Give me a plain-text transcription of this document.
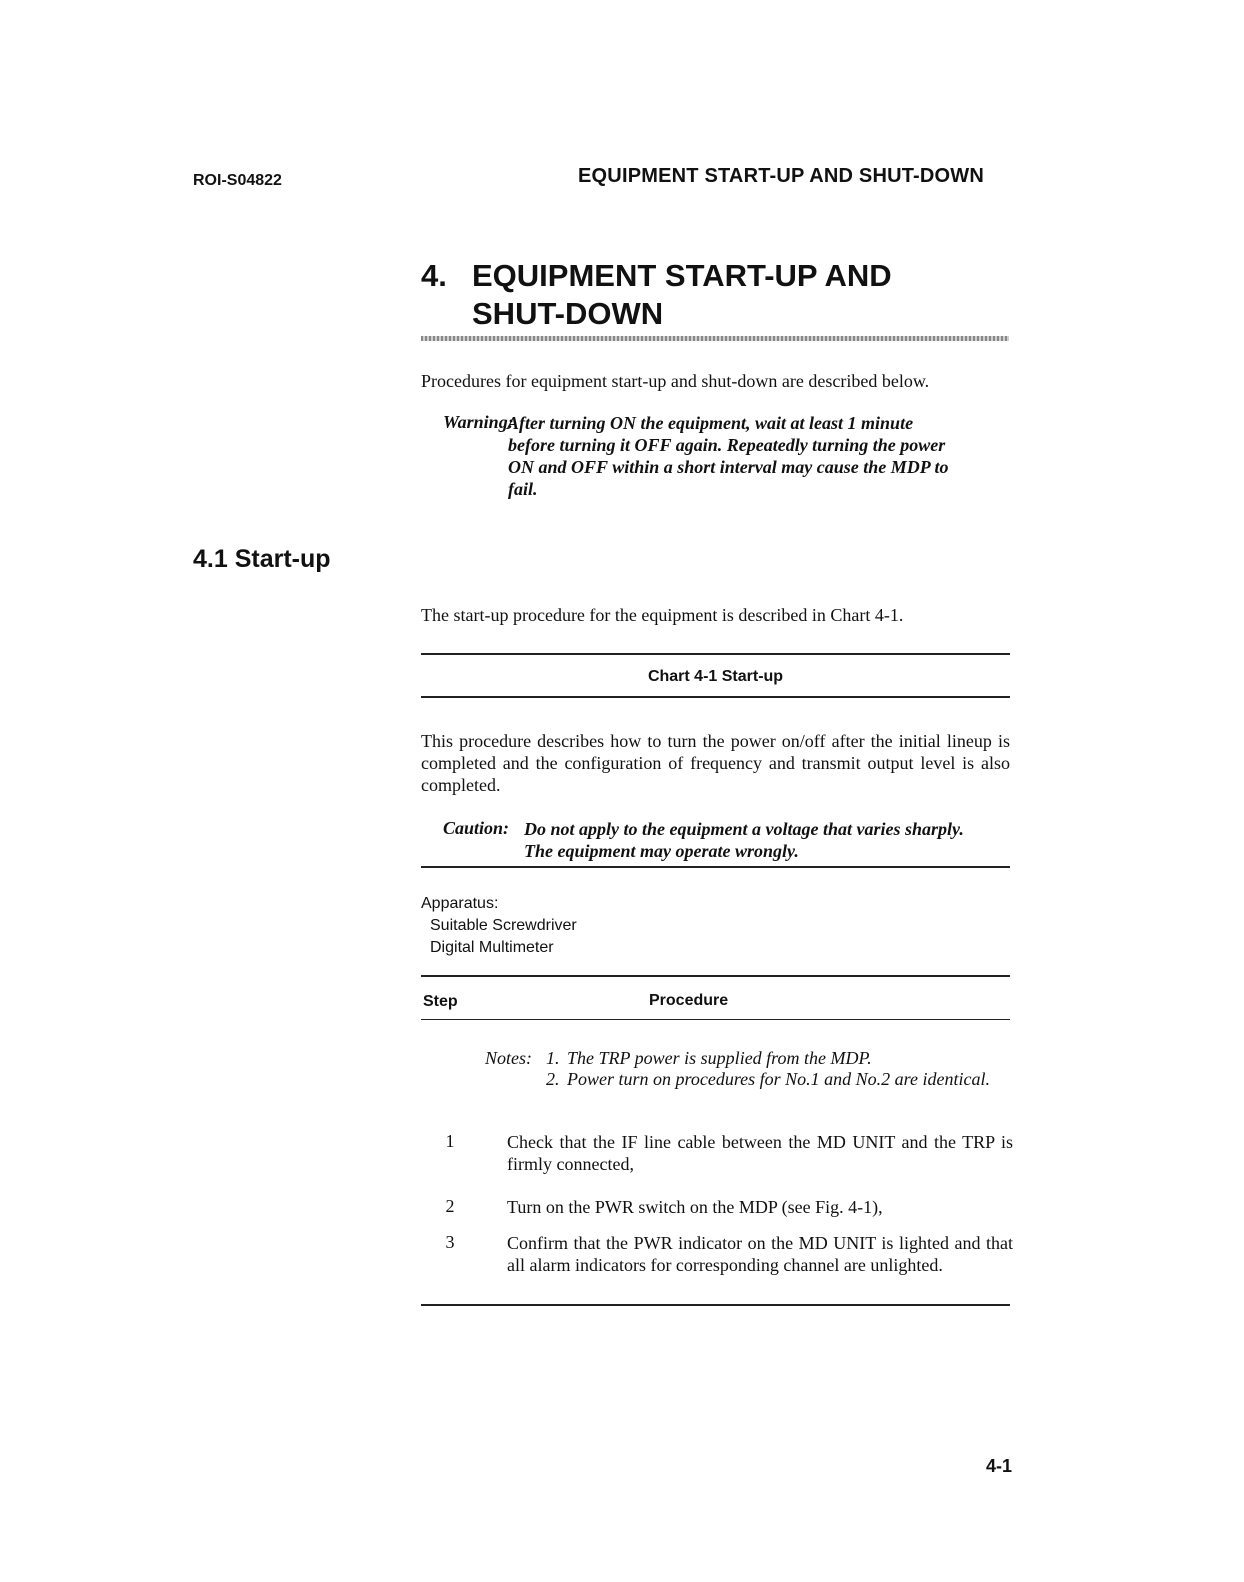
ROI-S04822	EQUIPMENT START-UP AND SHUT-DOWN
4. EQUIPMENT START-UP AND
SHUT-DOWN
Procedures for equipment start-up and shut-down are described below.
Warning:
After turning ON the equipment, wait at least 1 minute
before turning it OFF again. Repeatedly turning the power
ON and OFF within a short interval may cause the MDP to
fail.
4.1 Start-up
The start-up procedure for the equipment is described in Chart 4-1.
Chart 4-1 Start-up
This procedure describes how to turn the power on/off after the initial lineup is completed and the configuration of frequency and transmit output level is also completed.
Caution: Do not apply to the equipment a voltage that varies sharply.
The equipment may operate wrongly.
Apparatus:
Suitable Screwdriver
Digital Multimeter
Step	Procedure
Notes: 1. The TRP power is supplied from the MDP.
2. Power turn on procedures for No.1 and No.2 are identical.
1	Check that the IF line cable between the MD UNIT and the TRP is firmly connected,
2	Turn on the PWR switch on the MDP (see Fig. 4-1),
3	Confirm that the PWR indicator on the MD UNIT is lighted and that all alarm indicators for corresponding channel are unlighted.
4-1
